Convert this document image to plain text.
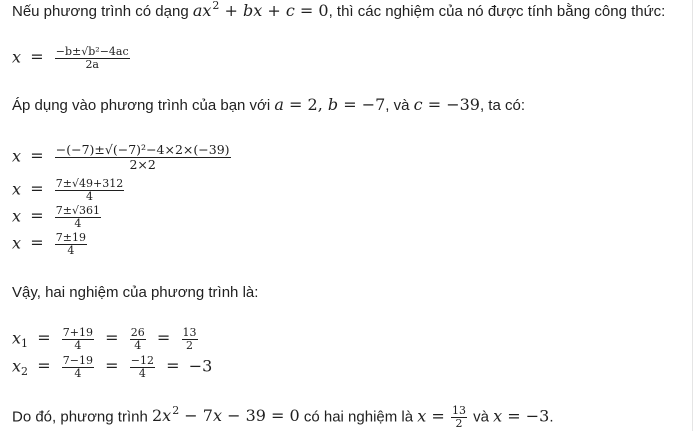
Nếu phương trình có dạng $ax^2$ + bx + c = 0, thì các nghiệm của nó được tính bằng công thức:
$x = \frac{\text{−b±√b²−4ac}}{2a}$
Áp dụng vào phương trình của bạn với a = 2, b = −7, và c = −39, ta có:
$x = \frac{\text{−(−7)±√(−7)²−4×2×(−39)}}{2\times 2}$
$x = \frac{7\pm√49+312}{4}$
$x = \frac{7\pm√361}{4}$
$x = \frac{7\pm 19}{4}$
Vậy, hai nghiệm của phương trình là:
$x_1 = \frac{7+19}{4} = \frac{26}{4} = \frac{13}{2}$
$x_2 = \frac{7-19}{4} = \frac{-12}{4} = -3$
Do đó, phương trình $2x^2 - 7x - 39 = 0$ có hai nghiệm là $x = \frac{13}{2}$ và x = −3.
